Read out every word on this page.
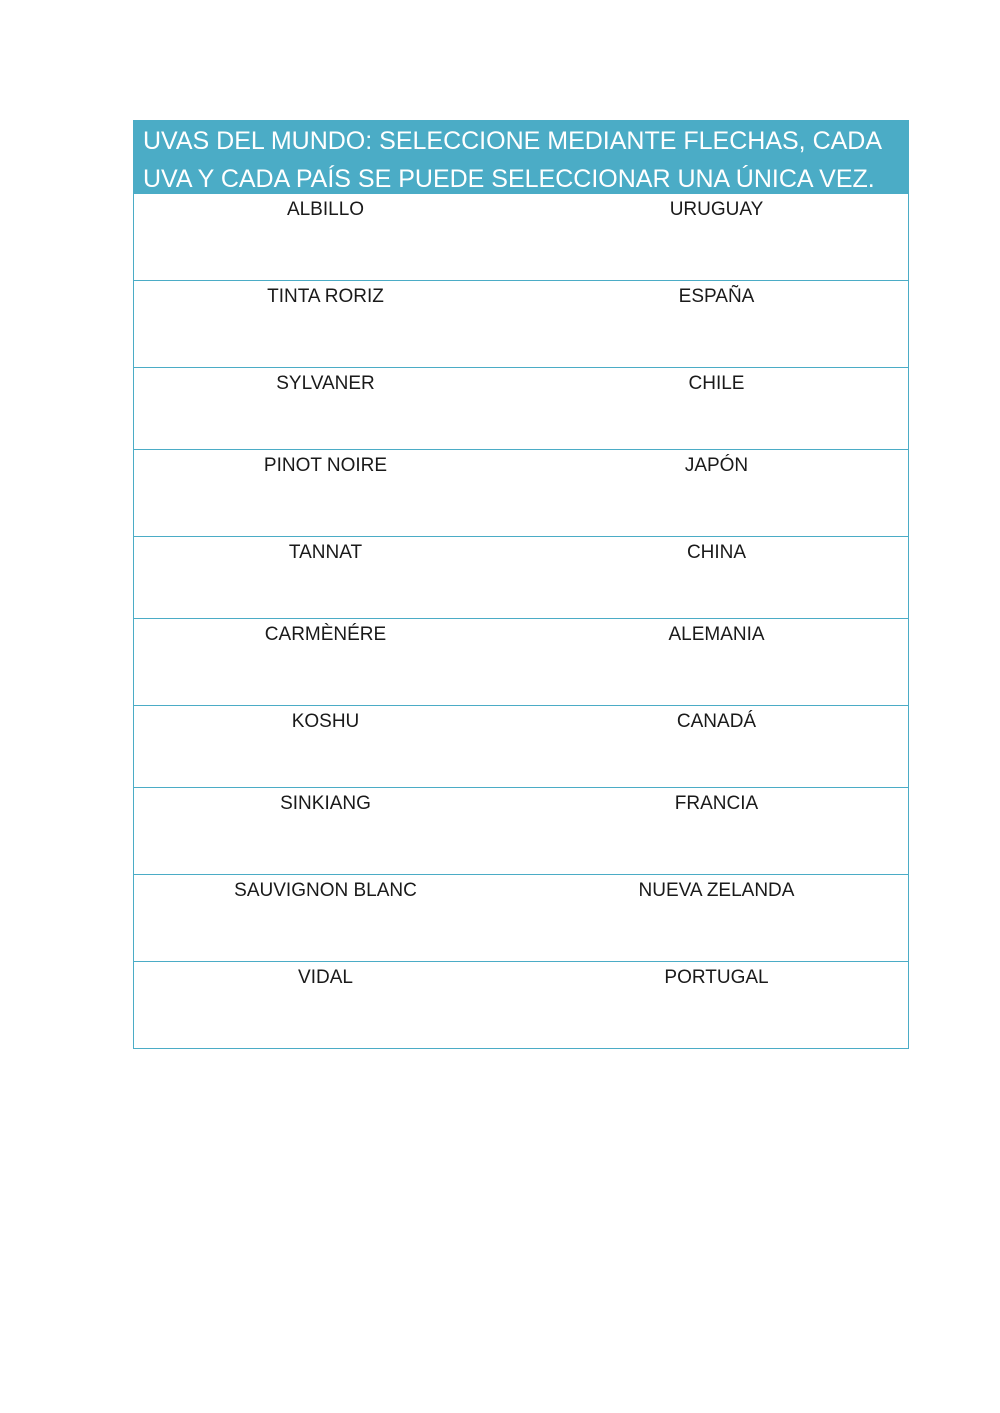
UVAS DEL MUNDO: SELECCIONE MEDIANTE FLECHAS, CADA
UVA Y CADA PAÍS SE PUEDE SELECCIONAR UNA ÚNICA VEZ.
ALBILLO	URUGUAY
TINTA RORIZ	ESPAÑA
SYLVANER	CHILE
PINOT NOIRE	JAPÓN
TANNAT	CHINA
CARMÈNÉRE	ALEMANIA
KOSHU	CANADÁ
SINKIANG	FRANCIA
SAUVIGNON BLANC	NUEVA ZELANDA
VIDAL	PORTUGAL
